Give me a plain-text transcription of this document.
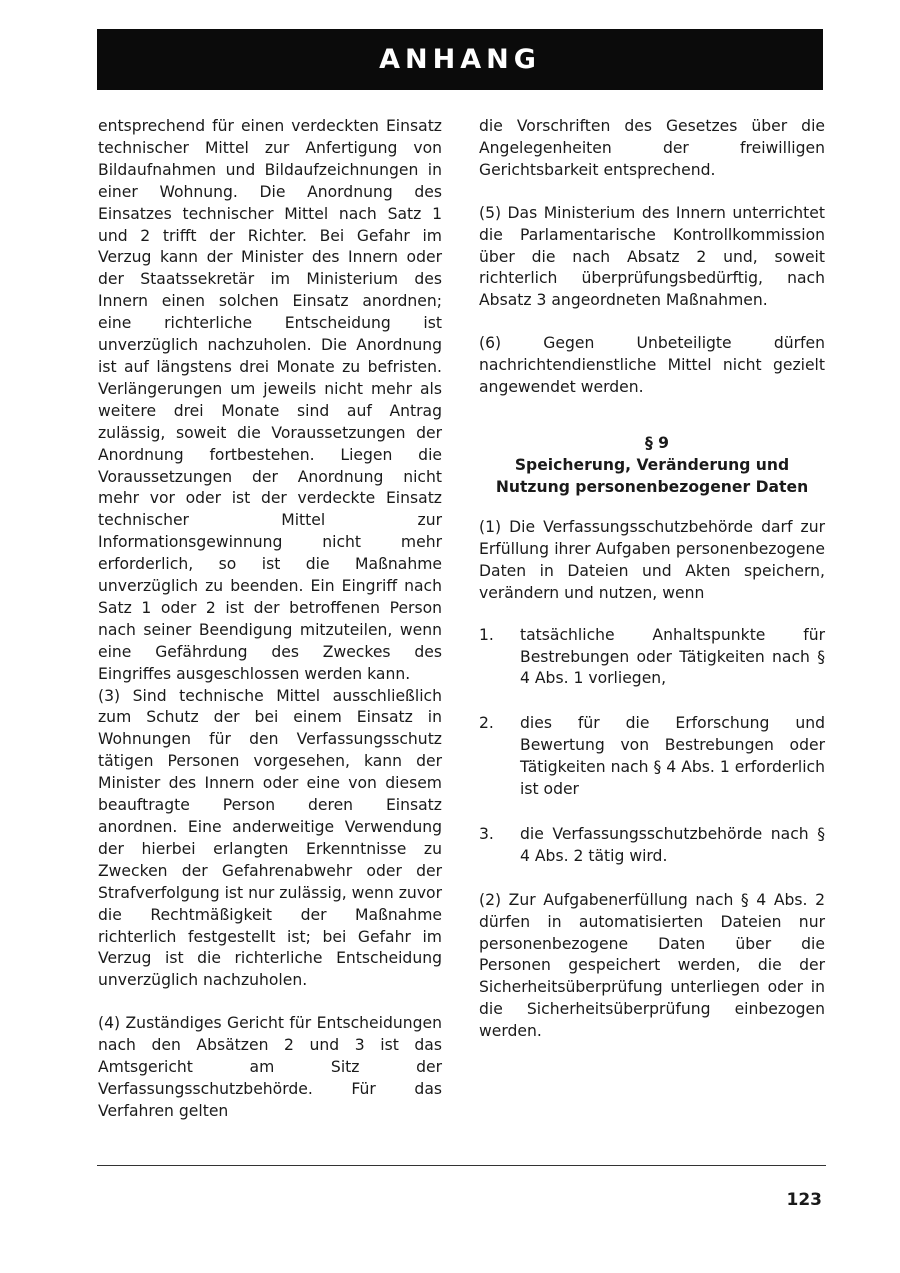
ANHANG

entsprechend für einen verdeckten Einsatz technischer Mittel zur Anfertigung von Bildaufnahmen und Bildaufzeichnungen in einer Wohnung. Die Anordnung des Einsatzes technischer Mittel nach Satz 1 und 2 trifft der Richter. Bei Gefahr im Verzug kann der Minister des Innern oder der Staatssekretär im Ministerium des Innern einen solchen Einsatz anordnen; eine richterliche Entscheidung ist unverzüglich nachzuholen. Die Anordnung ist auf längstens drei Monate zu befristen. Verlängerungen um jeweils nicht mehr als weitere drei Monate sind auf Antrag zulässig, soweit die Voraussetzungen der Anordnung fortbestehen. Liegen die Voraussetzungen der Anordnung nicht mehr vor oder ist der verdeckte Einsatz technischer Mittel zur Informationsgewinnung nicht mehr erforderlich, so ist die Maßnahme unverzüglich zu beenden. Ein Eingriff nach Satz 1 oder 2 ist der betroffenen Person nach seiner Beendigung mitzuteilen, wenn eine Gefährdung des Zweckes des Eingriffes ausgeschlossen werden kann.

(3) Sind technische Mittel ausschließlich zum Schutz der bei einem Einsatz in Wohnungen für den Verfassungsschutz tätigen Personen vorgesehen, kann der Minister des Innern oder eine von diesem beauftragte Person deren Einsatz anordnen. Eine anderweitige Verwendung der hierbei erlangten Erkenntnisse zu Zwecken der Gefahrenabwehr oder der Strafverfolgung ist nur zulässig, wenn zuvor die Rechtmäßigkeit der Maßnahme richterlich festgestellt ist; bei Gefahr im Verzug ist die richterliche Entscheidung unverzüglich nachzuholen.

(4) Zuständiges Gericht für Entscheidungen nach den Absätzen 2 und 3 ist das Amtsgericht am Sitz der Verfassungsschutzbehörde. Für das Verfahren gelten

die Vorschriften des Gesetzes über die Angelegenheiten der freiwilligen Gerichtsbarkeit entsprechend.

(5) Das Ministerium des Innern unterrichtet die Parlamentarische Kontrollkommission über die nach Absatz 2 und, soweit richterlich überprüfungsbedürftig, nach Absatz 3 angeordneten Maßnahmen.

(6) Gegen Unbeteiligte dürfen nachrichtendienstliche Mittel nicht gezielt angewendet werden.

§ 9
Speicherung, Veränderung und
Nutzung personenbezogener Daten

(1) Die Verfassungsschutzbehörde darf zur Erfüllung ihrer Aufgaben personenbezogene Daten in Dateien und Akten speichern, verändern und nutzen, wenn

1.	tatsächliche Anhaltspunkte für Bestrebungen oder Tätigkeiten nach § 4 Abs. 1 vorliegen,
2.	dies für die Erforschung und Bewertung von Bestrebungen oder Tätigkeiten nach § 4 Abs. 1 erforderlich ist oder
3.	die Verfassungsschutzbehörde nach § 4 Abs. 2 tätig wird.

(2) Zur Aufgabenerfüllung nach § 4 Abs. 2 dürfen in automatisierten Dateien nur personenbezogene Daten über die Personen gespeichert werden, die der Sicherheitsüberprüfung unterliegen oder in die Sicherheitsüberprüfung einbezogen werden.

123
